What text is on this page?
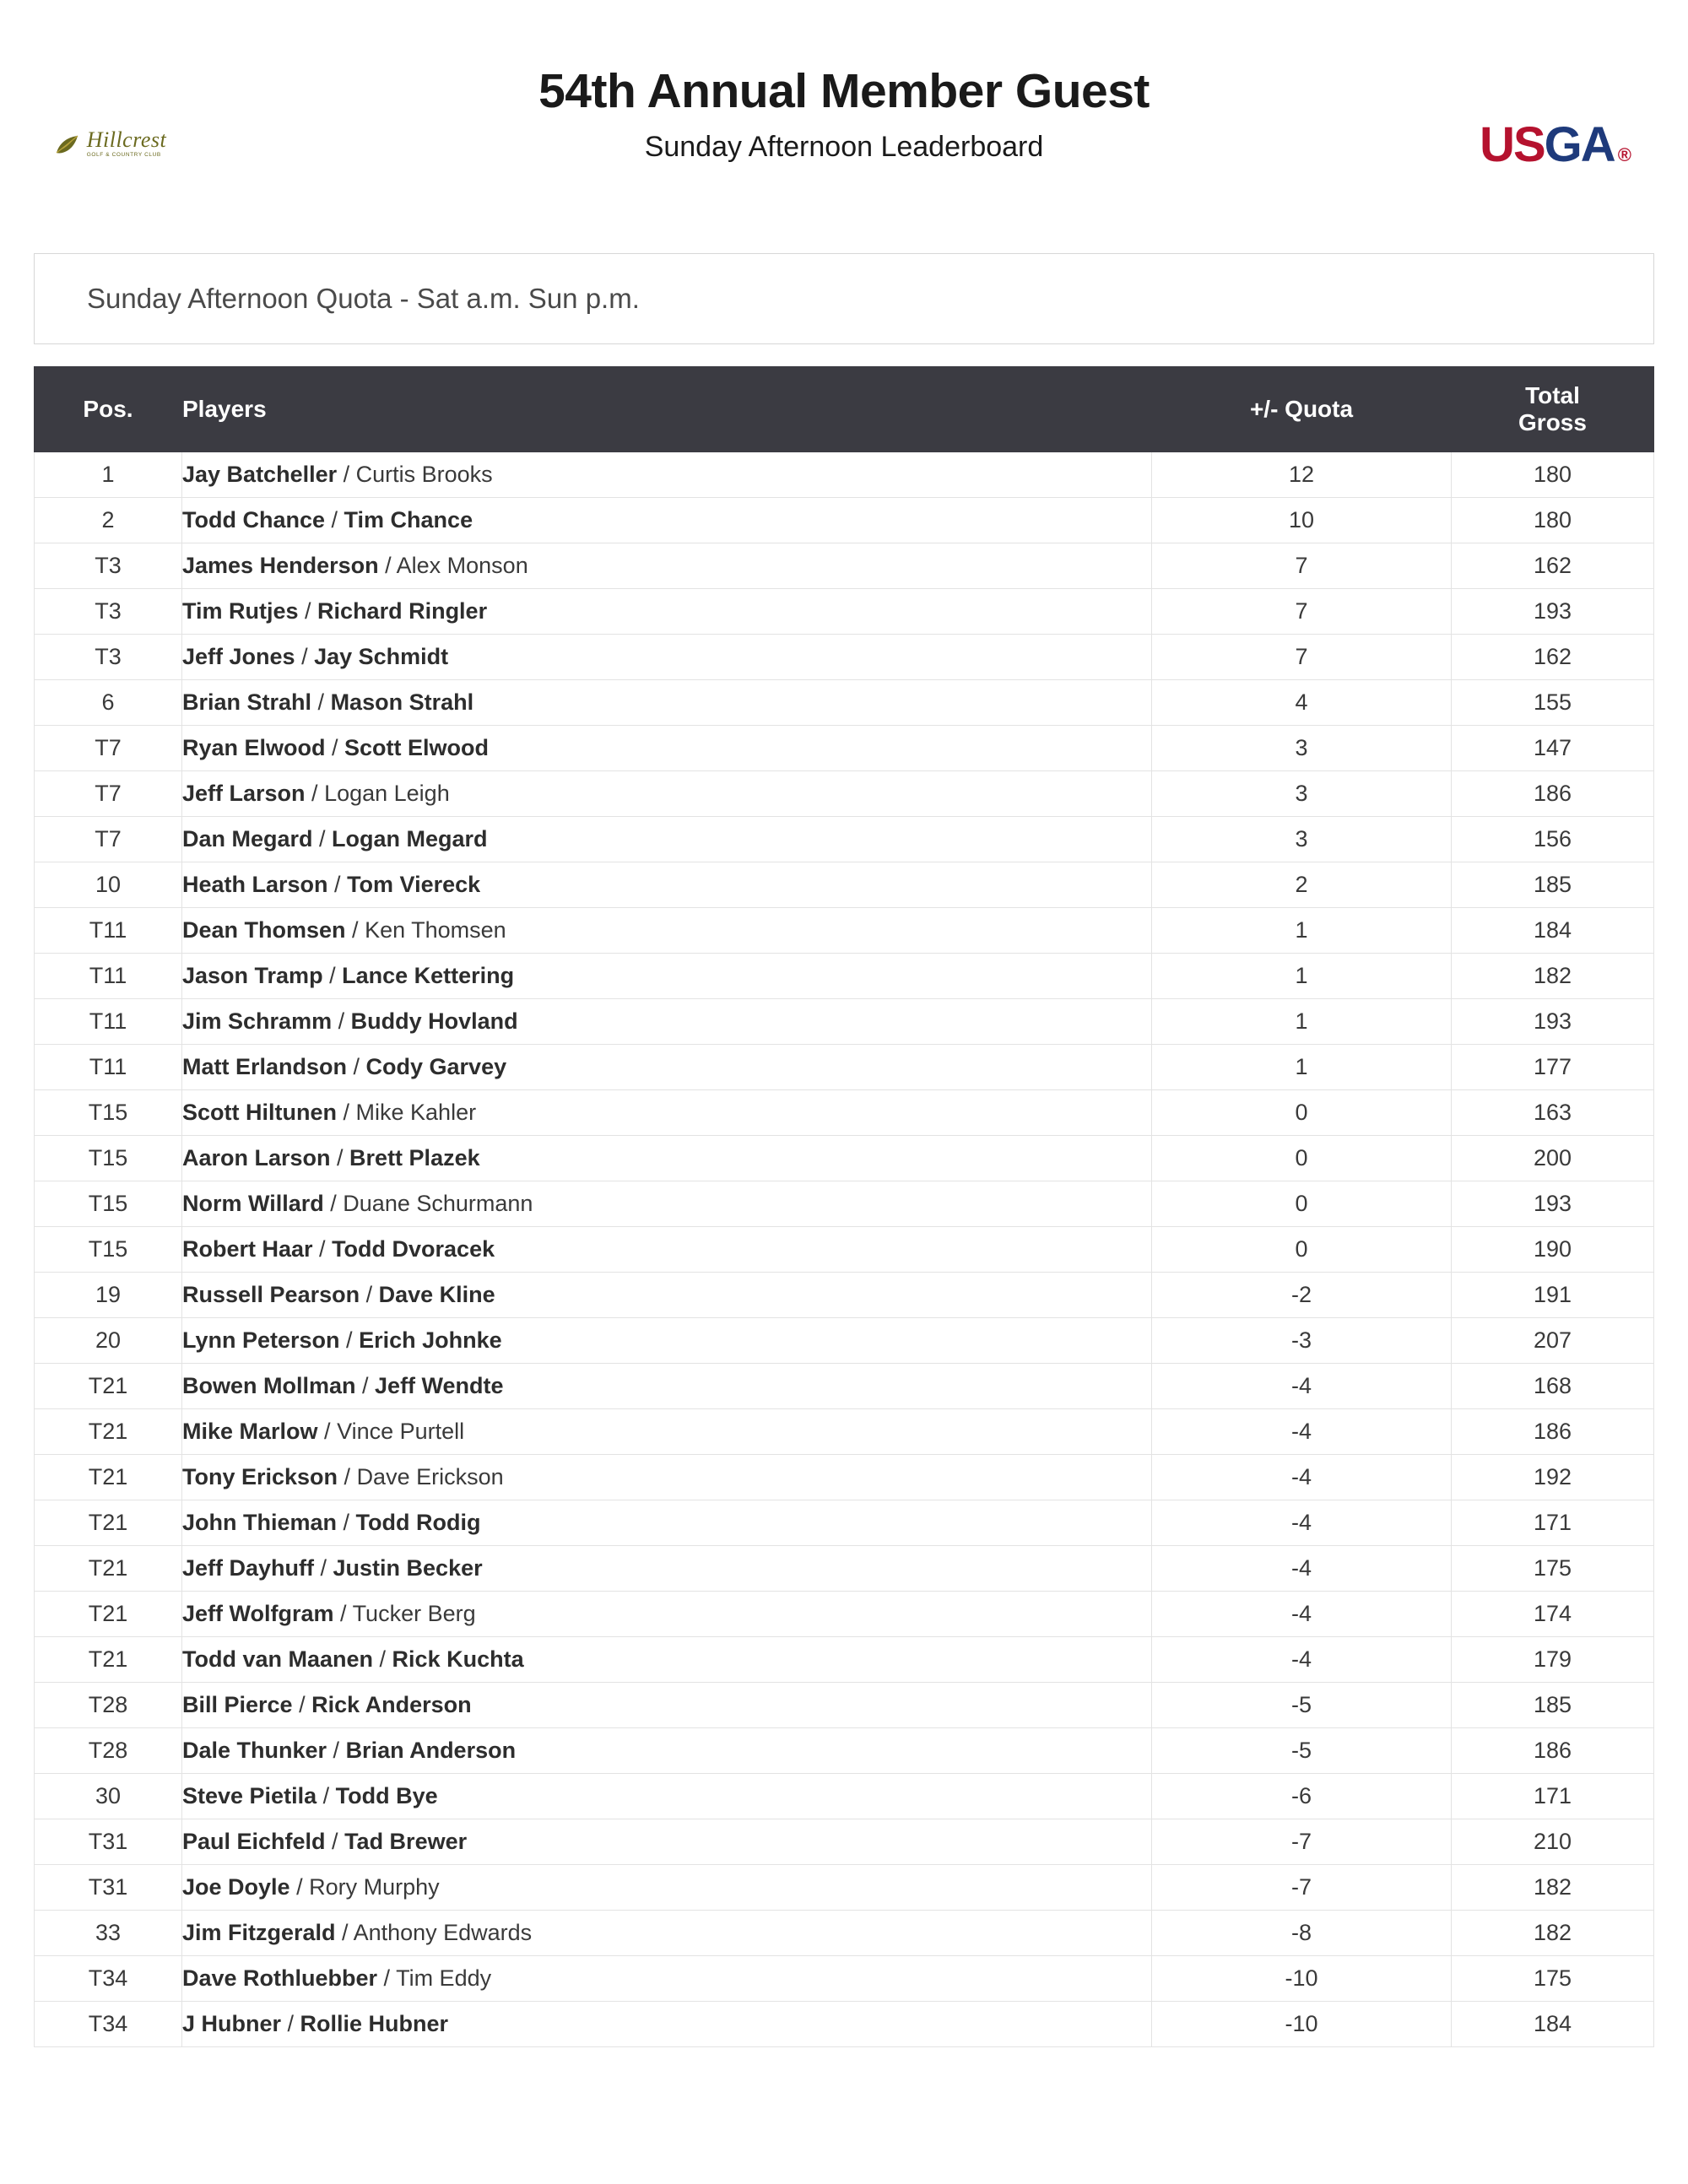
Hillcrest
GOLF & COUNTRY CLUB
54th Annual Member Guest
Sunday Afternoon Leaderboard	US G A ®
Sunday Afternoon Quota - Sat a.m. Sun p.m.
Pos.	Players	+/- Quota	Total
Gross

1	Jay Batcheller / Curtis Brooks	12	180
2	Todd Chance / Tim Chance	10	180
T3	James Henderson / Alex Monson	7	162
T3	Tim Rutjes / Richard Ringler	7	193
T3	Jeff Jones / Jay Schmidt	7	162
6	Brian Strahl / Mason Strahl	4	155
T7	Ryan Elwood / Scott Elwood	3	147
T7	Jeff Larson / Logan Leigh	3	186
T7	Dan Megard / Logan Megard	3	156
10	Heath Larson / Tom Viereck	2	185
T11	Dean Thomsen / Ken Thomsen	1	184
T11	Jason Tramp / Lance Kettering	1	182
T11	Jim Schramm / Buddy Hovland	1	193
T11	Matt Erlandson / Cody Garvey	1	177
T15	Scott Hiltunen / Mike Kahler	0	163
T15	Aaron Larson / Brett Plazek	0	200
T15	Norm Willard / Duane Schurmann	0	193
T15	Robert Haar / Todd Dvoracek	0	190
19	Russell Pearson / Dave Kline	-2	191
20	Lynn Peterson / Erich Johnke	-3	207
T21	Bowen Mollman / Jeff Wendte	-4	168
T21	Mike Marlow / Vince Purtell	-4	186
T21	Tony Erickson / Dave Erickson	-4	192
T21	John Thieman / Todd Rodig	-4	171
T21	Jeff Dayhuff / Justin Becker	-4	175
T21	Jeff Wolfgram / Tucker Berg	-4	174
T21	Todd van Maanen / Rick Kuchta	-4	179
T28	Bill Pierce / Rick Anderson	-5	185
T28	Dale Thunker / Brian Anderson	-5	186
30	Steve Pietila / Todd Bye	-6	171
T31	Paul Eichfeld / Tad Brewer	-7	210
T31	Joe Doyle / Rory Murphy	-7	182
33	Jim Fitzgerald / Anthony Edwards	-8	182
T34	Dave Rothluebber / Tim Eddy	-10	175
T34	J Hubner / Rollie Hubner	-10	184
